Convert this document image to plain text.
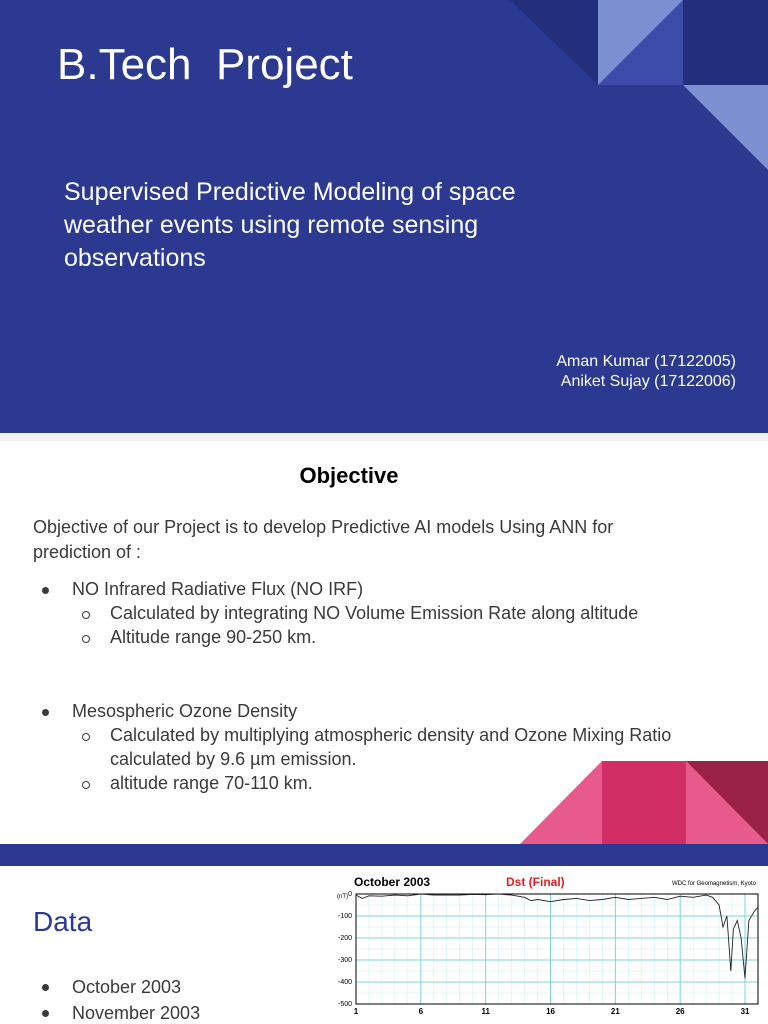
B.Tech  Project
Supervised Predictive Modeling of space weather events using remote sensing observations
Aman Kumar (17122005)
Aniket Sujay (17122006)
Objective
Objective of our Project is to develop Predictive AI models Using ANN for prediction of :
NO Infrared Radiative Flux (NO IRF)
Calculated by integrating NO Volume Emission Rate along altitude
Altitude range 90-250 km.
Mesospheric Ozone Density
Calculated by multiplying atmospheric density and Ozone Mixing Ratio calculated by 9.6 µm emission.
altitude range 70-110 km.
Data
October 2003
November 2003
October 2003	Dst (Final)	WDC for Geomagnetism, Kyoto
(nT) 0
-100
-200
-300
-400
-500
1	6	11	16	21	26	31
